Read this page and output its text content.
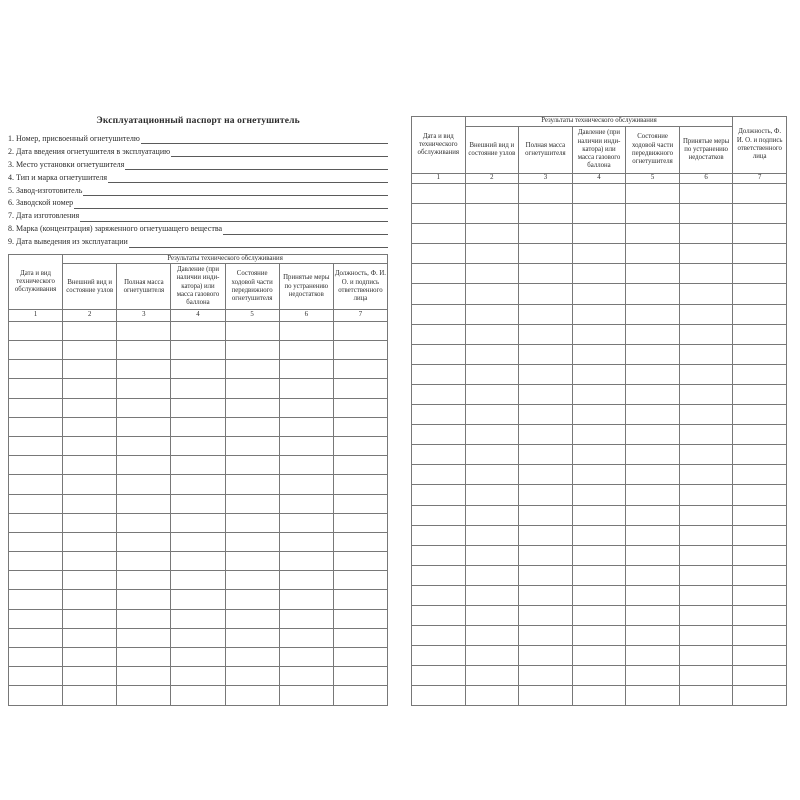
Эксплуатационный паспорт на огнетушитель
1. Номер, присвоенный огнетушителю
2. Дата введения огнетушителя в эксплуатацию
3. Место установки огнетушителя
4. Тип и марка огнетушителя
5. Завод-изготовитель
6. Заводской номер
7. Дата изготовления
8. Марка (концентрация) заряженного огнетушащего вещества
9. Дата выведения из эксплуатации
Дата и вид технического обслуживания	Результаты технического обслуживания					
	Внешний вид и состояние узлов	Полная масса огнетушителя	Давление (при наличии инди-катора) или масса газового баллона	Состояние ходовой части передвижного огнетушителя	Принятые меры по устранению недостатков	Должность, Ф. И. О. и подпись ответственного лица
1	2	3	4	5	6	7

Дата и вид технического обслуживания	Результаты технического обслуживания					Должность, Ф. И. О. и подпись ответственного лица
	Внешний вид и состояние узлов	Полная масса огнетушителя	Давление (при наличии инди-катора) или масса газового баллона	Состояние ходовой части передвижного огнетушителя	Принятые меры по устранению недостатков	
1	2	3	4	5	6	7
